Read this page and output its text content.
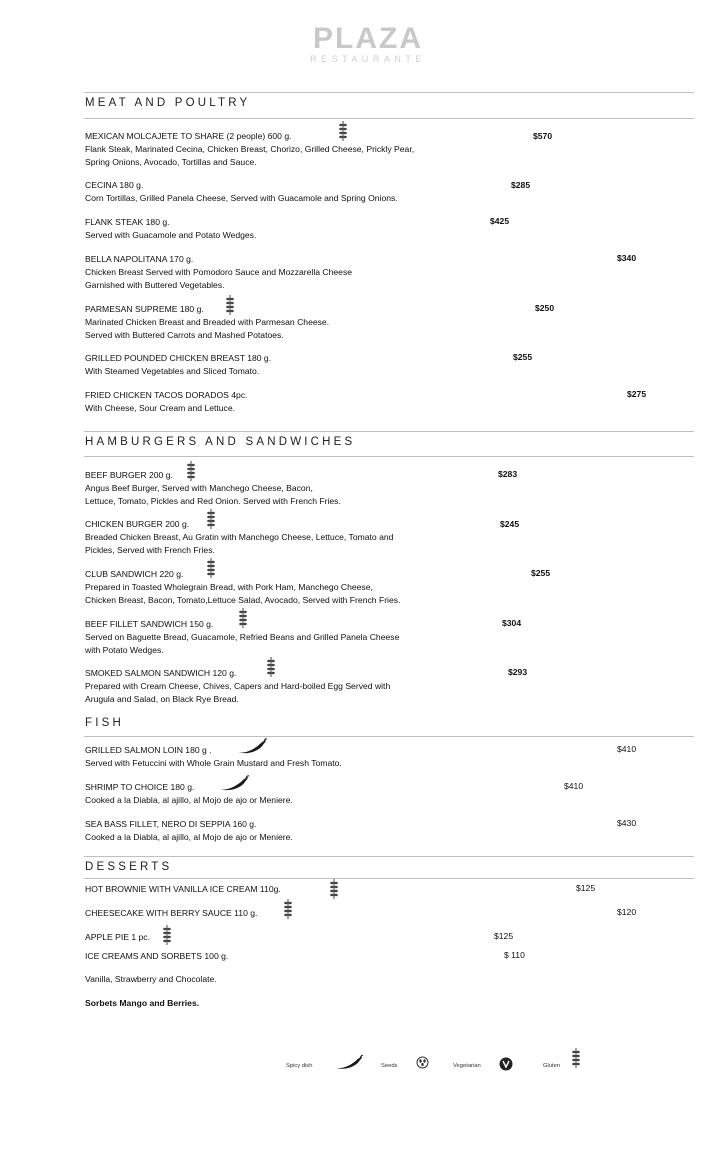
PLAZA
RESTAURANTE
MEAT AND POULTRY
MEXICAN MOLCAJETE TO SHARE (2 people) 600 g.
Flank Steak, Marinated Cecina, Chicken Breast, Chorizo, Grilled Cheese, Prickly Pear,
Spring Onions, Avocado, Tortillas and Sauce.
$570
CECINA 180 g.
Corn Tortillas, Grilled Panela Cheese, Served with Guacamole and Spring Onions.
$285
FLANK STEAK 180 g.
Served with Guacamole and Potato Wedges.
$425
BELLA NAPOLITANA 170 g.
Chicken Breast Served with Pomodoro Sauce and Mozzarella Cheese
Garnished with Buttered Vegetables.
$340
PARMESAN SUPREME 180 g.
Marinated Chicken Breast and Breaded with Parmesan Cheese.
Served with Buttered Carrots and Mashed Potatoes.
$250
GRILLED POUNDED CHICKEN BREAST 180 g.
With Steamed Vegetables and Sliced Tomato.
$255
FRIED CHICKEN TACOS DORADOS 4pc.
With Cheese, Sour Cream and Lettuce.
$275
HAMBURGERS AND SANDWICHES
BEEF BURGER 200 g.
Angus Beef Burger, Served with Manchego Cheese, Bacon,
Lettuce, Tomato, Pickles and Red Onion. Served with French Fries.
$283
CHICKEN BURGER 200 g.
Breaded Chicken Breast, Au Gratin with Manchego Cheese, Lettuce, Tomato and
Pickles, Served with French Fries.
$245
CLUB SANDWICH 220 g.
Prepared in Toasted Wholegrain Bread, with Pork Ham, Manchego Cheese,
Chicken Breast, Bacon, Tomato,Lettuce Salad, Avocado, Served with French Fries.
$255
BEEF FILLET SANDWICH 150 g.
Served on Baguette Bread, Guacamole, Refried Beans and Grilled Panela Cheese
with Potato Wedges.
$304
SMOKED SALMON SANDWICH 120 g.
Prepared with Cream Cheese, Chives, Capers and Hard-boiled Egg Served with
Arugula and Salad, on Black Rye Bread.
$293
FISH
GRILLED SALMON LOIN 180 g .
Served with Fetuccini with Whole Grain Mustard and Fresh Tomato.
$410
SHRIMP TO CHOICE 180 g.
Cooked a la Diabla, al ajillo, al Mojo de ajo or Meniere.
$410
SEA BASS FILLET, NERO DI SEPPIA 160 g.
Cooked a la Diabla, al ajillo, al Mojo de ajo or Meniere.
$430
DESSERTS
HOT BROWNIE WITH VANILLA ICE CREAM 110g.	$125
CHEESECAKE WITH BERRY SAUCE 110 g.	$120
APPLE PIE 1 pc.	$125
ICE CREAMS AND SORBETS 100 g.	$ 110
Vanilla, Strawberry and Chocolate.
Sorbets Mango and Berries.
Spicy dish	Seeds	Vegetarian	Gluten
